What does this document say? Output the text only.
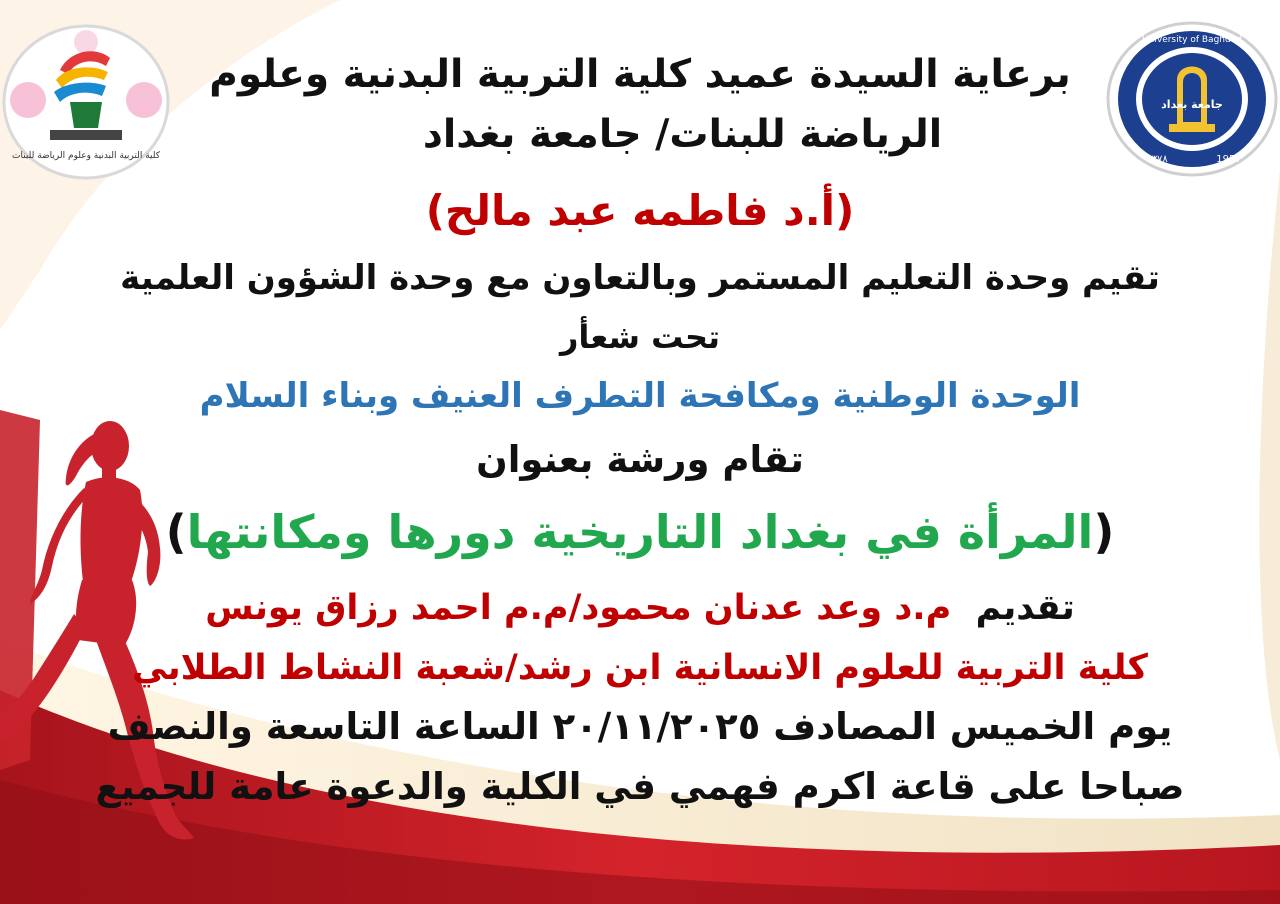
كلية التربية البدنية وعلوم الرياضة للبنات
University of Baghdad
1957
١٣٧٨
جامعة بغداد
برعاية السيدة عميد كلية التربية البدنية وعلوم
الرياضة للبنات/ جامعة بغداد
(أ.د فاطمه عبد مالح)
تقيم وحدة التعليم المستمر وبالتعاون مع وحدة الشؤون العلمية
تحت شعأر
الوحدة الوطنية ومكافحة التطرف العنيف وبناء السلام
تقام ورشة بعنوان
(المرأة في بغداد التاريخية دورها ومكانتها)
تقديم  م.د وعد عدنان محمود/م.م احمد رزاق يونس
كلية التربية للعلوم الانسانية ابن رشد/شعبة النشاط الطلابي
يوم الخميس المصادف ٢٠/١١/٢٠٢٥ الساعة التاسعة والنصف
صباحا على قاعة اكرم فهمي في الكلية والدعوة عامة للجميع
